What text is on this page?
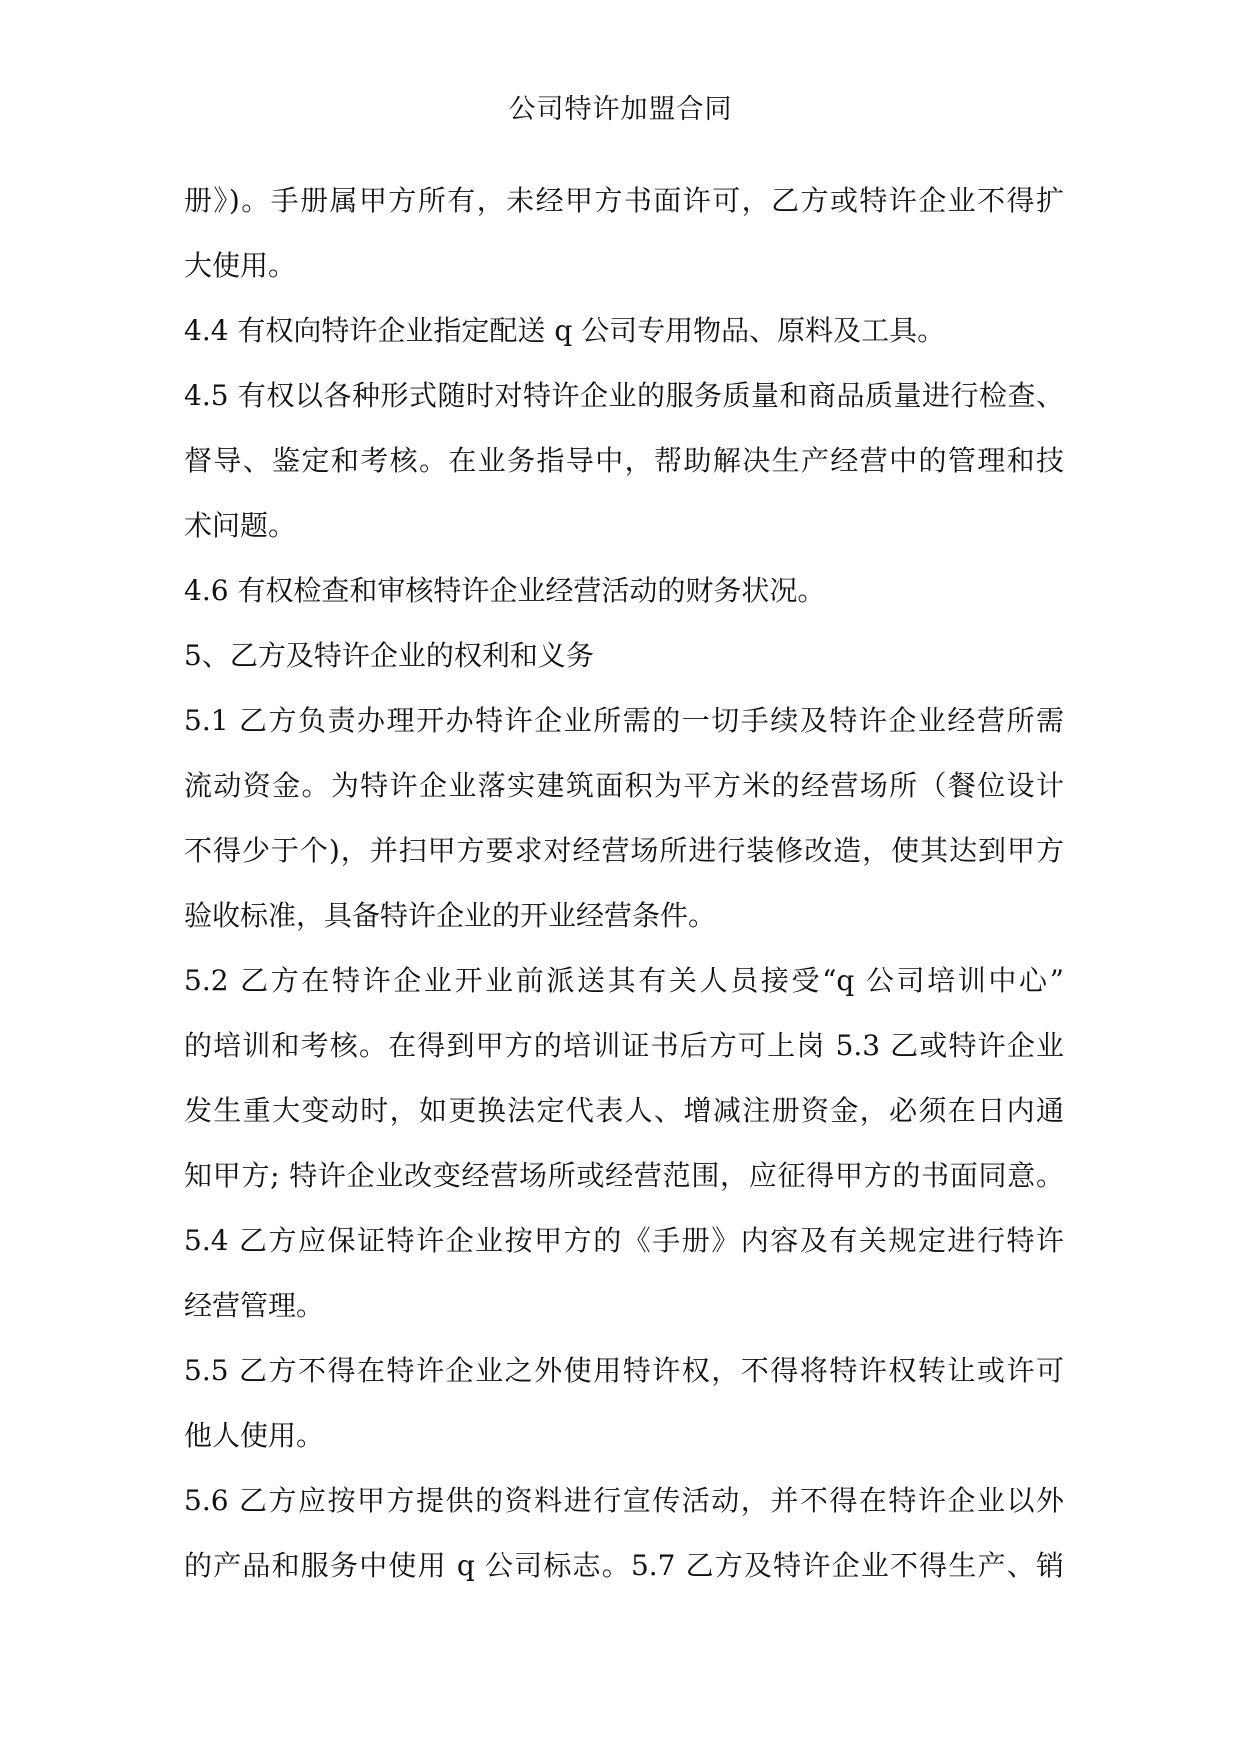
公司特许加盟合同
册》)。手册属甲方所有，未经甲方书面许可，乙方或特许企业不得扩
大使用。
4.4 有权向特许企业指定配送 q 公司专用物品、原料及工具。
4.5 有权以各种形式随时对特许企业的服务质量和商品质量进行检查、
督导、鉴定和考核。在业务指导中，帮助解决生产经营中的管理和技
术问题。
4.6 有权检查和审核特许企业经营活动的财务状况。
5、乙方及特许企业的权利和义务
5.1 乙方负责办理开办特许企业所需的一切手续及特许企业经营所需
流动资金。为特许企业落实建筑面积为平方米的经营场所（餐位设计
不得少于个)，并扫甲方要求对经营场所进行装修改造，使其达到甲方
验收标准，具备特许企业的开业经营条件。
5.2 乙方在特许企业开业前派送其有关人员接受“q 公司培训中心”
的培训和考核。在得到甲方的培训证书后方可上岗 5.3 乙或特许企业
发生重大变动时，如更换法定代表人、增减注册资金，必须在日内通
知甲方; 特许企业改变经营场所或经营范围，应征得甲方的书面同意。
5.4 乙方应保证特许企业按甲方的《手册》内容及有关规定进行特许
经营管理。
5.5 乙方不得在特许企业之外使用特许权，不得将特许权转让或许可
他人使用。
5.6 乙方应按甲方提供的资料进行宣传活动，并不得在特许企业以外
的产品和服务中使用 q 公司标志。5.7 乙方及特许企业不得生产、销
